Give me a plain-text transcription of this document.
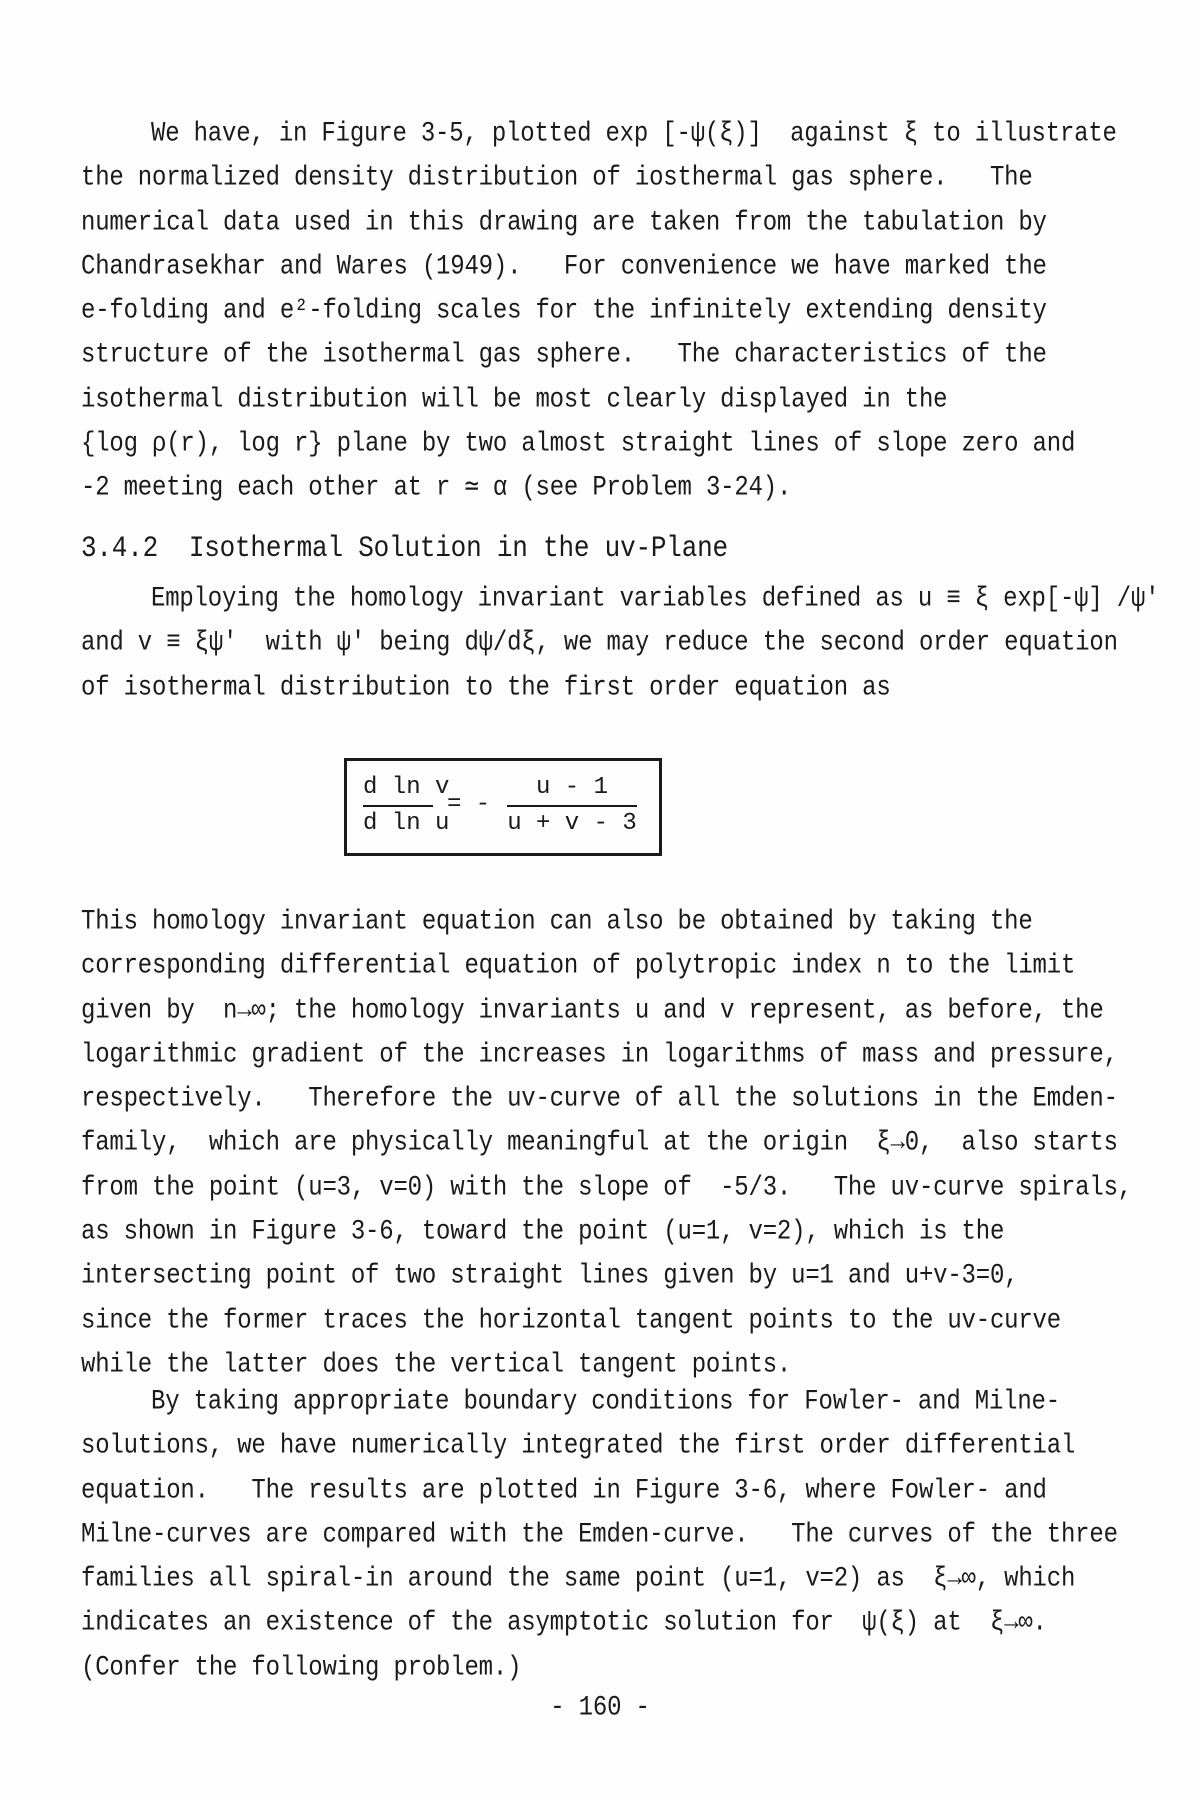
We have, in Figure 3-5, plotted exp [-ψ(ξ)]  against ξ to illustrate
the normalized density distribution of iosthermal gas sphere.   The
numerical data used in this drawing are taken from the tabulation by
Chandrasekhar and Wares (1949).   For convenience we have marked the
e-folding and e²-folding scales for the infinitely extending density
structure of the isothermal gas sphere.   The characteristics of the
isothermal distribution will be most clearly displayed in the
{log ρ(r), log r} plane by two almost straight lines of slope zero and
-2 meeting each other at r ≃ α (see Problem 3-24).
3.4.2  Isothermal Solution in the uv-Plane
Employing the homology invariant variables defined as u ≡ ξ exp[-ψ] /ψ'
and v ≡ ξψ'  with ψ' being dψ/dξ, we may reduce the second order equation
of isothermal distribution to the first order equation as
d ln v
d ln u
= -
u - 1
u + v - 3
This homology invariant equation can also be obtained by taking the
corresponding differential equation of polytropic index n to the limit
given by  n→∞; the homology invariants u and v represent, as before, the
logarithmic gradient of the increases in logarithms of mass and pressure,
respectively.   Therefore the uv-curve of all the solutions in the Emden-
family,  which are physically meaningful at the origin  ξ→0,  also starts
from the point (u=3, v=0) with the slope of  -5/3.   The uv-curve spirals,
as shown in Figure 3-6, toward the point (u=1, v=2), which is the
intersecting point of two straight lines given by u=1 and u+v-3=0,
since the former traces the horizontal tangent points to the uv-curve
while the latter does the vertical tangent points.
By taking appropriate boundary conditions for Fowler- and Milne-
solutions, we have numerically integrated the first order differential
equation.   The results are plotted in Figure 3-6, where Fowler- and
Milne-curves are compared with the Emden-curve.   The curves of the three
families all spiral-in around the same point (u=1, v=2) as  ξ→∞, which
indicates an existence of the asymptotic solution for  ψ(ξ) at  ξ→∞.
(Confer the following problem.)
- 160 -
